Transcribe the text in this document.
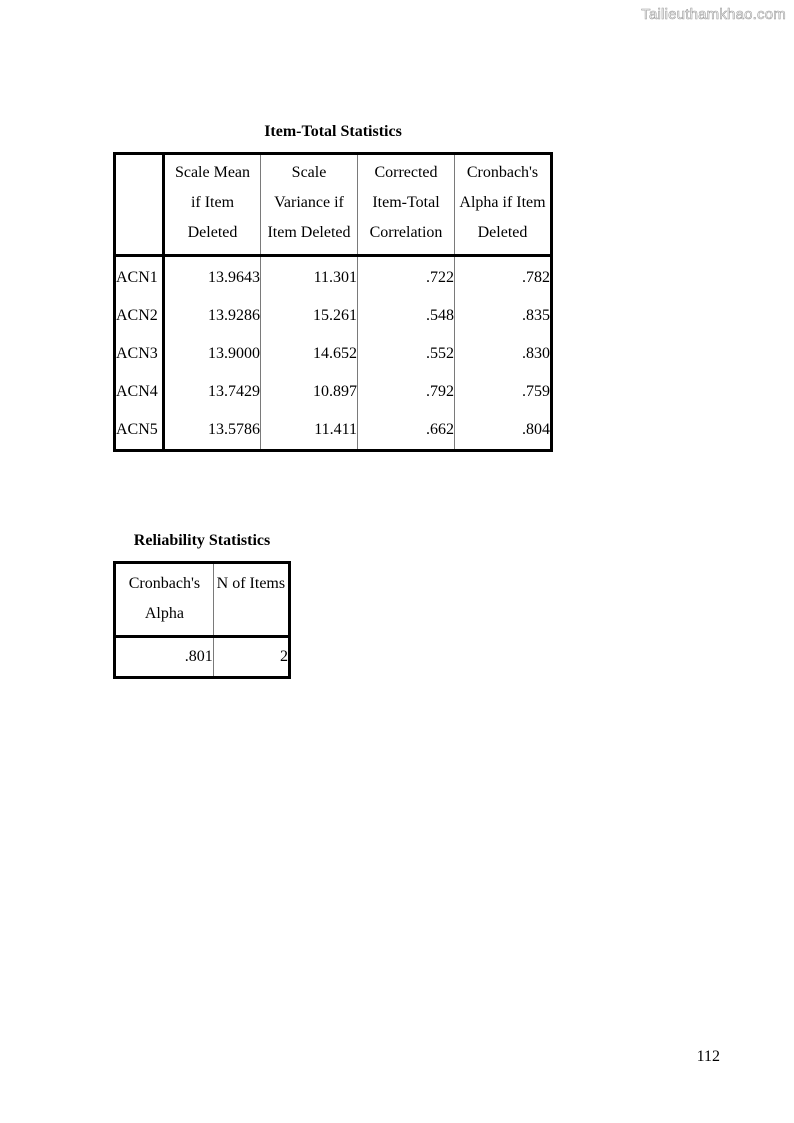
Tailieuthamkhao.com
Item-Total Statistics
	Scale Mean
if Item
Deleted	Scale
Variance if
Item Deleted	Corrected
Item-Total
Correlation	Cronbach's
Alpha if Item
Deleted
ACN1	13.9643	11.301	.722	.782
ACN2	13.9286	15.261	.548	.835
ACN3	13.9000	14.652	.552	.830
ACN4	13.7429	10.897	.792	.759
ACN5	13.5786	11.411	.662	.804
Reliability Statistics
Cronbach's
Alpha	N of Items
.801	2
112
